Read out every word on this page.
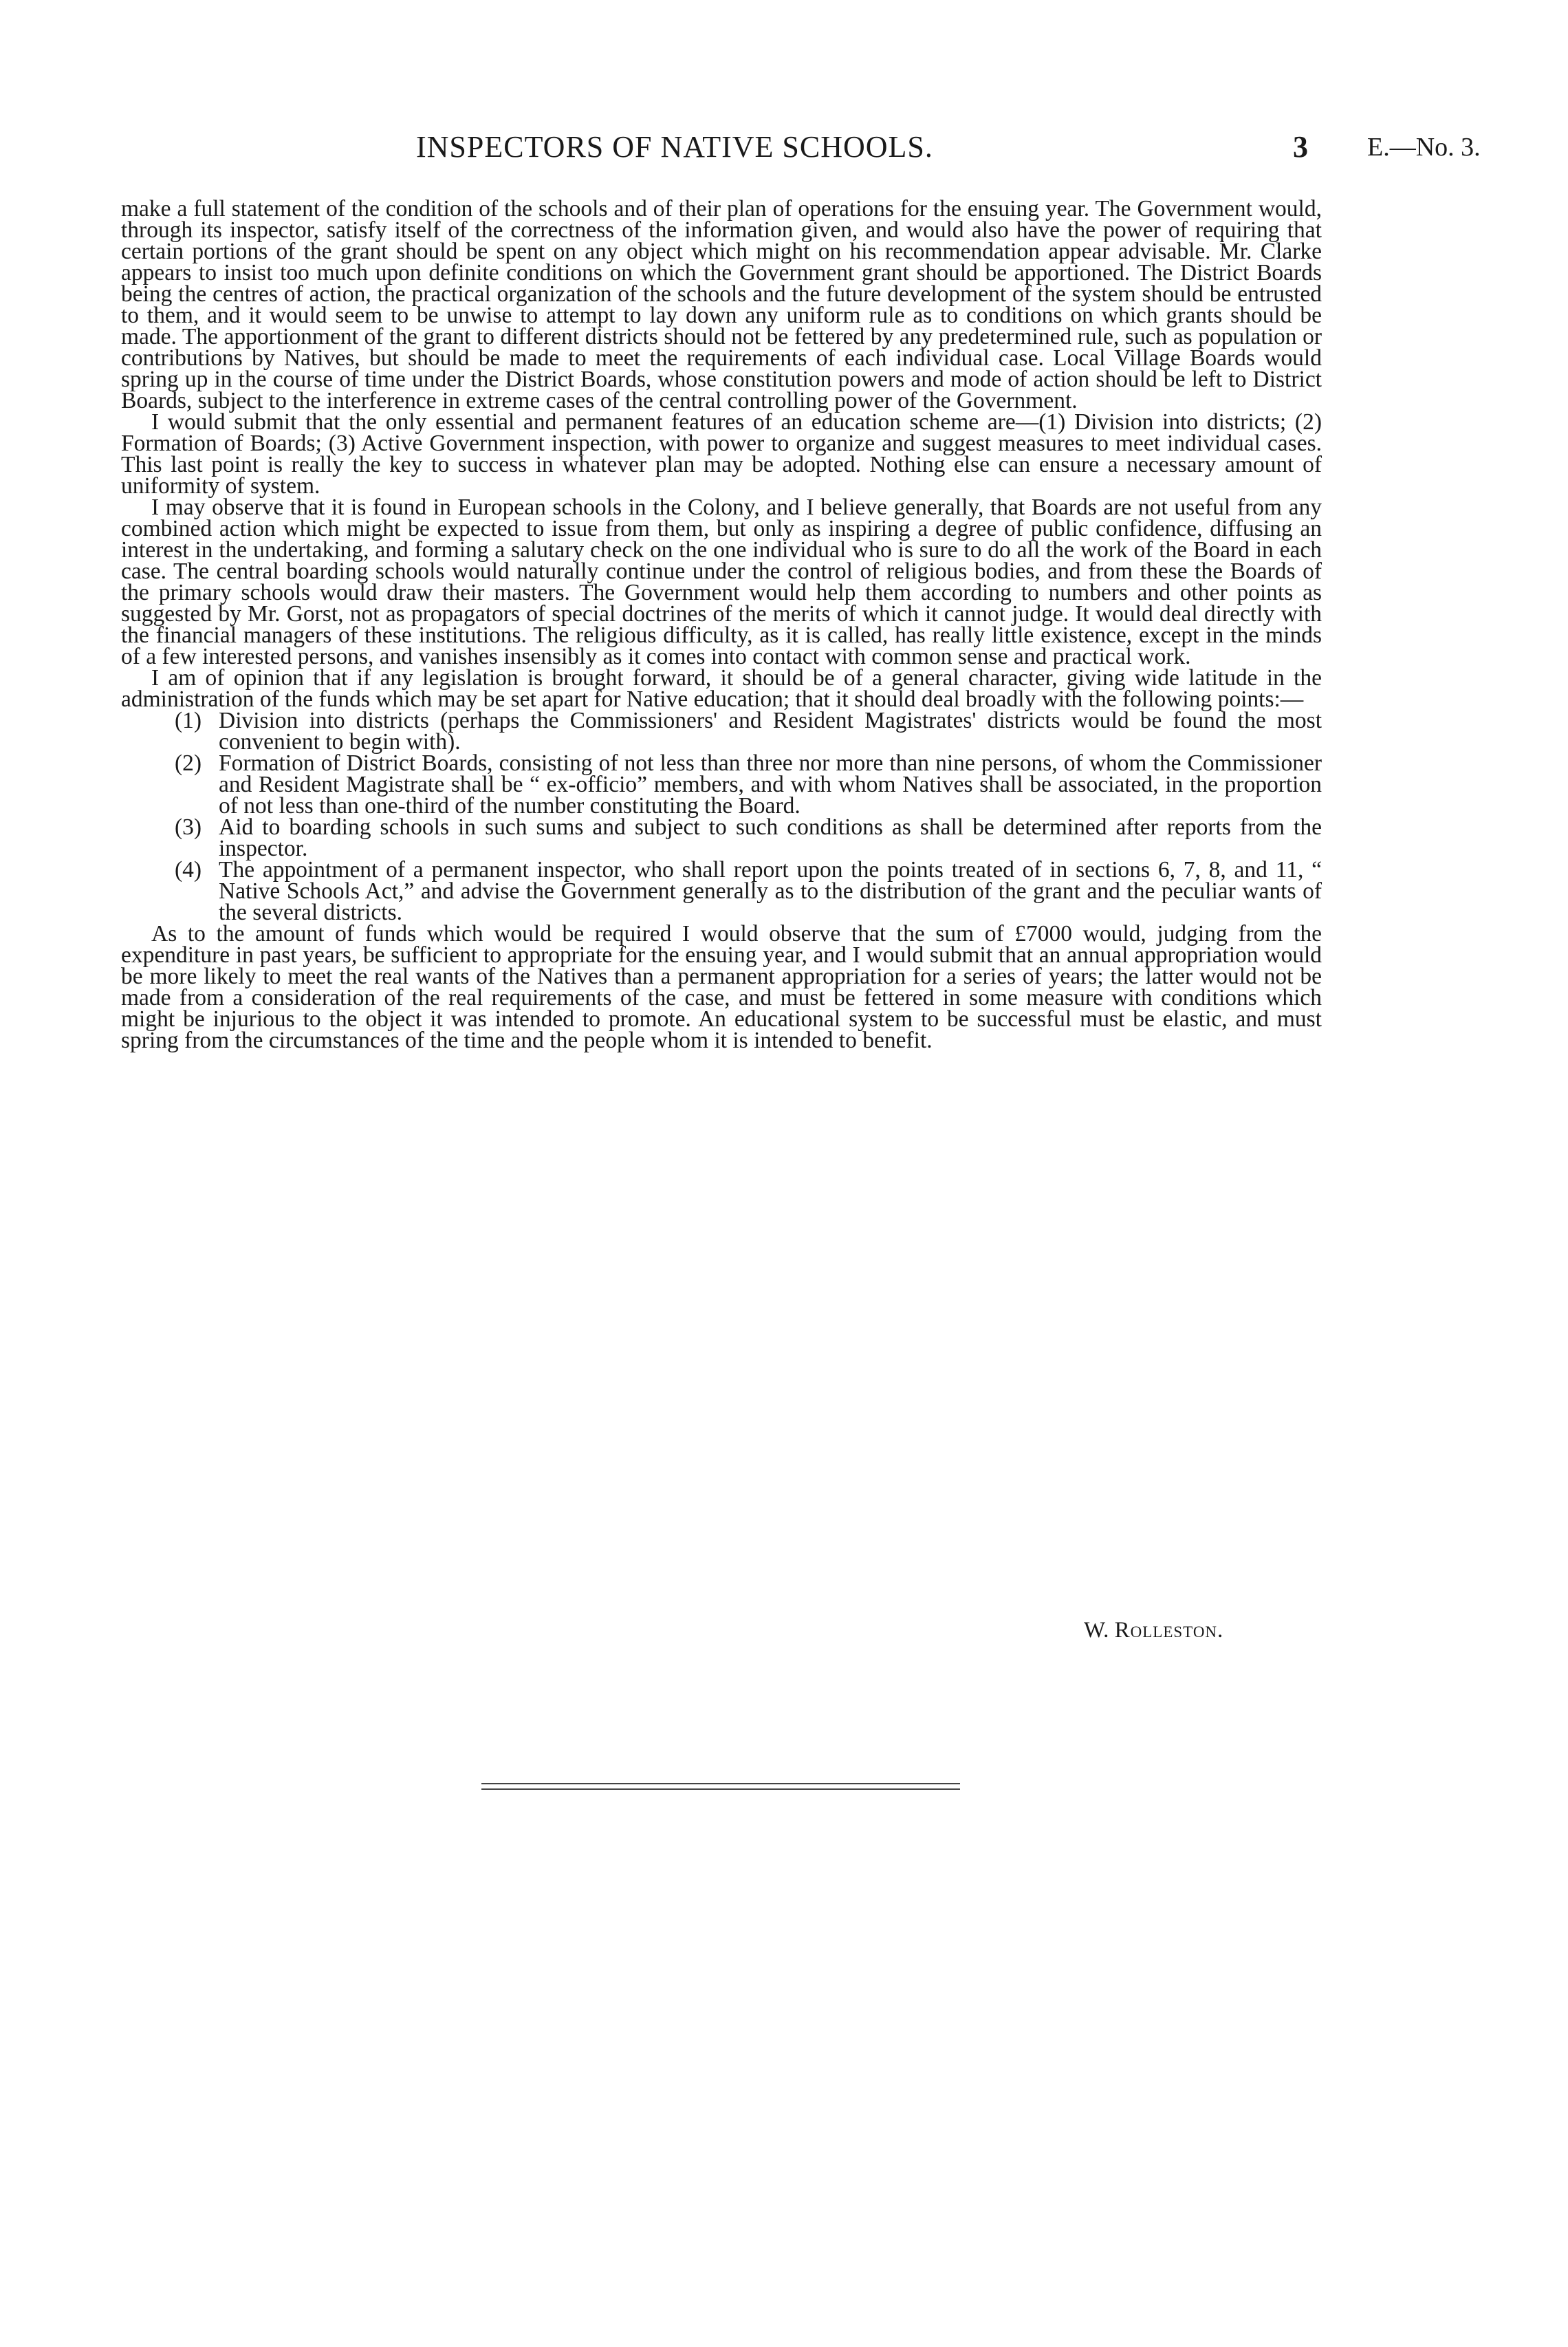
INSPECTORS OF NATIVE SCHOOLS.	3 E.—No. 3.

make a full statement of the condition of the schools and of their plan of operations for the ensuing year. The Government would, through its inspector, satisfy itself of the correctness of the information given, and would also have the power of requiring that certain portions of the grant should be spent on any object which might on his recommendation appear advisable. Mr. Clarke appears to insist too much upon definite conditions on which the Government grant should be apportioned. The District Boards being the centres of action, the practical organization of the schools and the future development of the system should be entrusted to them, and it would seem to be unwise to attempt to lay down any uniform rule as to conditions on which grants should be made. The apportionment of the grant to different districts should not be fettered by any predetermined rule, such as population or contributions by Natives, but should be made to meet the requirements of each individual case. Local Village Boards would spring up in the course of time under the District Boards, whose constitution powers and mode of action should be left to District Boards, subject to the interference in extreme cases of the central controlling power of the Government.

I would submit that the only essential and permanent features of an education scheme are—(1) Division into districts; (2) Formation of Boards; (3) Active Government inspection, with power to organize and suggest measures to meet individual cases. This last point is really the key to success in whatever plan may be adopted. Nothing else can ensure a necessary amount of uniformity of system.

I may observe that it is found in European schools in the Colony, and I believe generally, that Boards are not useful from any combined action which might be expected to issue from them, but only as inspiring a degree of public confidence, diffusing an interest in the undertaking, and forming a salutary check on the one individual who is sure to do all the work of the Board in each case. The central boarding schools would naturally continue under the control of religious bodies, and from these the Boards of the primary schools would draw their masters. The Government would help them according to numbers and other points as suggested by Mr. Gorst, not as propagators of special doctrines of the merits of which it cannot judge. It would deal directly with the financial managers of these institutions. The religious difficulty, as it is called, has really little existence, except in the minds of a few interested persons, and vanishes insensibly as it comes into contact with common sense and practical work.

I am of opinion that if any legislation is brought forward, it should be of a general character, giving wide latitude in the administration of the funds which may be set apart for Native education; that it should deal broadly with the following points:—

(1) Division into districts (perhaps the Commissioners' and Resident Magistrates' districts would be found the most convenient to begin with).
(2) Formation of District Boards, consisting of not less than three nor more than nine persons, of whom the Commissioner and Resident Magistrate shall be “ ex-officio” members, and with whom Natives shall be associated, in the proportion of not less than one-third of the number constituting the Board.
(3) Aid to boarding schools in such sums and subject to such conditions as shall be determined after reports from the inspector.
(4) The appointment of a permanent inspector, who shall report upon the points treated of in sections 6, 7, 8, and 11, “ Native Schools Act,” and advise the Government generally as to the distribution of the grant and the peculiar wants of the several districts.

As to the amount of funds which would be required I would observe that the sum of £7000 would, judging from the expenditure in past years, be sufficient to appropriate for the ensuing year, and I would submit that an annual appropriation would be more likely to meet the real wants of the Natives than a permanent appropriation for a series of years; the latter would not be made from a consideration of the real requirements of the case, and must be fettered in some measure with conditions which might be injurious to the object it was intended to promote. An educational system to be successful must be elastic, and must spring from the circumstances of the time and the people whom it is intended to benefit.

W. Rolleston.
